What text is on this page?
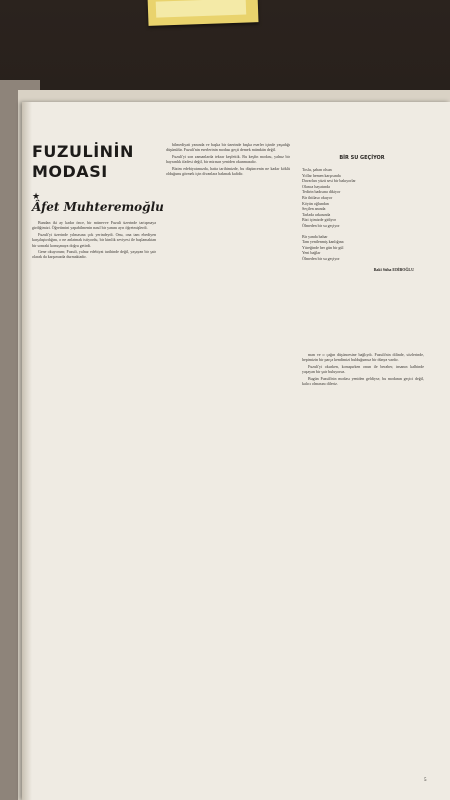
FUZULİNİN
MODASI
★
Âfet Muhteremoğlu

Bundan iki ay kadar önce, bir münevve Fuzuli üzerinde tartışmaya girdiğimizi. Öğretimini yapabilmenin nasıl bir yanını ayrı öğretmişlerdi.

Fuzuli'yi üzerinde yılmasına çok yerindeydi. Onu, ona tam ebediyen karşılaştırdığını, o ne anlatmak istiyordu, bir kimlik seviyesi ile başlamaktan bir sonraki konuşmaya doğru getirdi.

Gene okuyorum; Fuzuli, yalnız edebiyat tarihinde değil, yaşayan bir şair olarak da karşımızda durmaktadır.

bilmediyati yanında ve başka bir üzerinde başka eserler içinde yaşadığı düşünülür. Fuzuli'nin eserlerinin modası geçti demek mümkün değil.

Fuzuli'yi son zamanlarda tekrar keşfettik. Bu keşfin modası, yalnız bir hayranlık ifadesi değil, bir mirasın yeniden okunmasıdır.

Bizim edebiyatımızda, hatta tarihimizde, bu düşüncenin ne kadar köklü olduğunu görmek için divanlara bakmak kafidir.

BİR SU GEÇİYOR
Toslu, şaban olsun
Yollar hemen karşısında
Davarları yüzü sesi bir bakıyorlar
Olanca hayatında
Tedirin badısına dikiyor
Bir ihtilaso okuyor
Köyün oğlundan
Seçilen anında
Tarlada arkasında
Bizi içimizde gidiyor
Ölmeden bir su geçiyor
Bir yanda bahar
Tam yenilenmiş kanlığına
Yüreğinde her gün bir gül
Yeni bağlar
Ölmeden bir su geçiyor
Bakî Süha EDİBOĞLU

man ve o çağın düşüncesine bağlıydı. Fuzuli'nin dilinde, sözlerinde, hepimizin bir parça kendimizi bulduğumuz bir dünya vardır.

Fuzuli'yi okurken, konuşurken onun ile beraber, insanın kalbinde yaşayan bir şair buluyoruz.

Bugün Fuzuli'nin modası yeniden geldiyse, bu modanın geçici değil, kalıcı olmasını dileriz.

5
